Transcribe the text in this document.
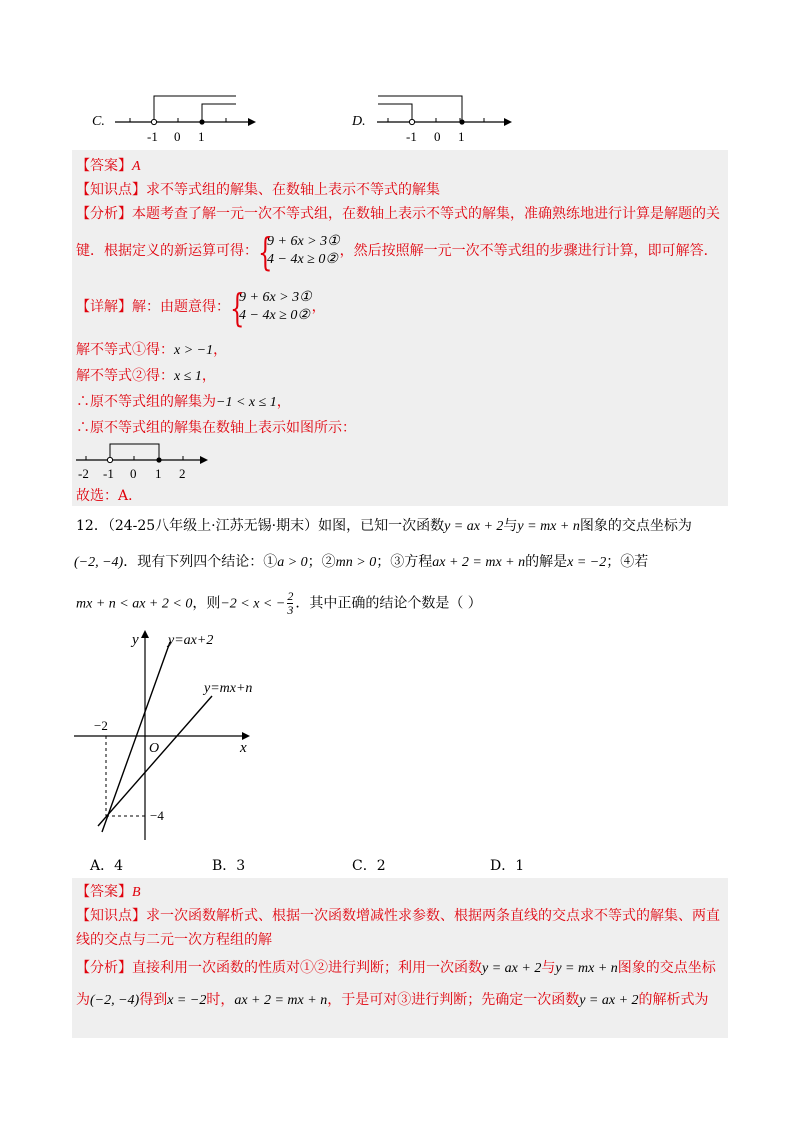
C.
-1 0 1
D.
-1 0 1
【答案】A
【知识点】求不等式组的解集、在数轴上表示不等式的解集
【分析】本题考查了解一元一次不等式组，在数轴上表示不等式的解集，准确熟练地进行计算是解题的关
键．根据定义的新运算可得： {
9 + 6x > 3①
4 − 4x ≥ 0②
，然后按照解一元一次不等式组的步骤进行计算，即可解答．
【详解】解：由题意得： {
9 + 6x > 3①
4 − 4x ≥ 0②
，
解不等式①得：x > −1，
解不等式②得：x ≤ 1，
∴原不等式组的解集为−1 < x ≤ 1，
∴原不等式组的解集在数轴上表示如图所示：
-2 -1 0 1 2
故选：A．
12．（24-25八年级上·江苏无锡·期末）如图，已知一次函数y = ax + 2与y = mx + n图象的交点坐标为
(−2, −4)．现有下列四个结论：①a > 0；②mn > 0；③方程ax + 2 = mx + n的解是x = −2；④若
mx + n < ax + 2 < 0，则−2 < x < − $\frac{2}{3}$ ．其中正确的结论个数是（ ）
y
x
O
y=ax+2
y=mx+n
−2
−4
A．4	B．3	C．2	D．1
【答案】B
【知识点】求一次函数解析式、根据一次函数增减性求参数、根据两条直线的交点求不等式的解集、两直
线的交点与二元一次方程组的解
【分析】直接利用一次函数的性质对①②进行判断；利用一次函数y = ax + 2与y = mx + n图象的交点坐标
为(−2, −4)得到x = −2时，ax + 2 = mx + n，于是可对③进行判断；先确定一次函数y = ax + 2的解析式为
